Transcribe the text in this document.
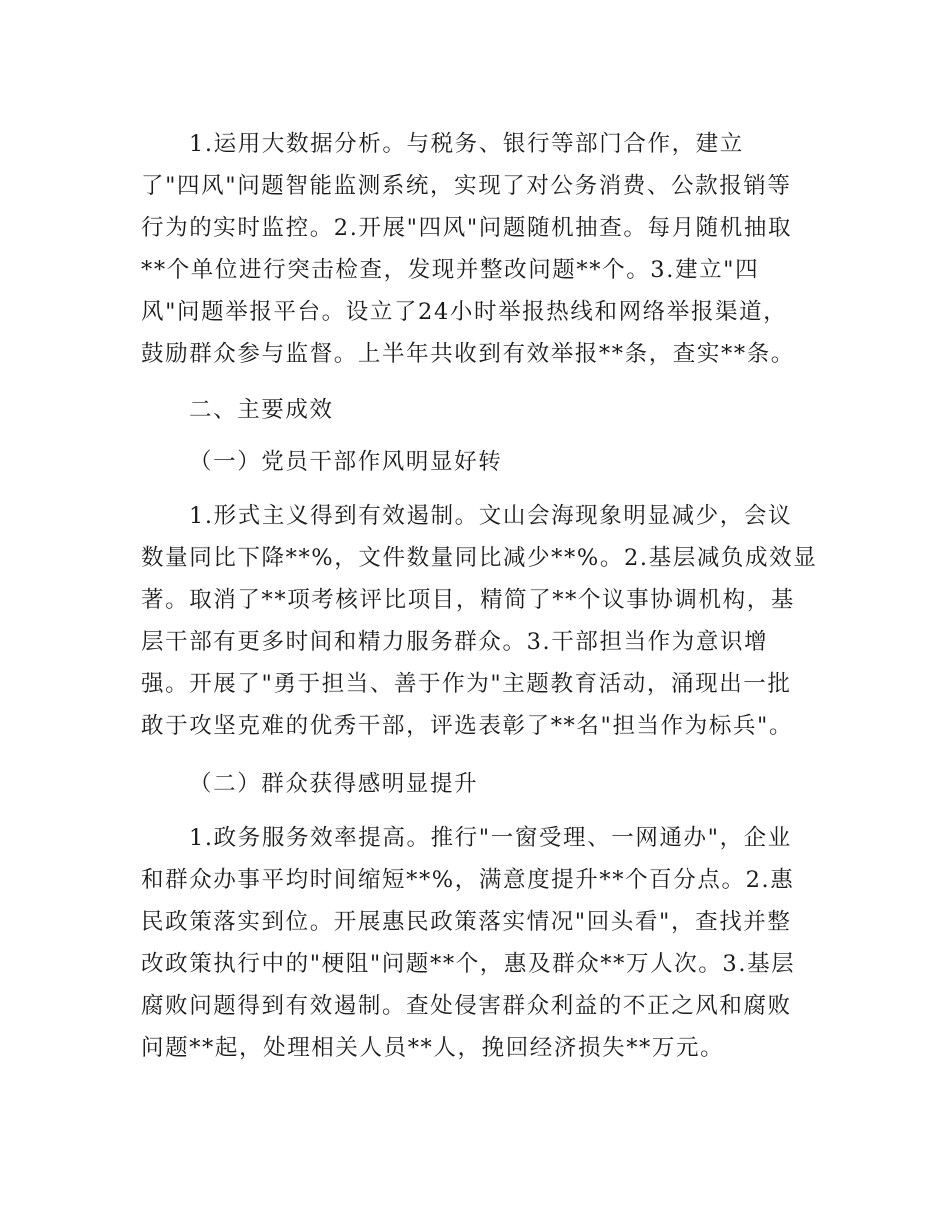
1.运用大数据分析。与税务、银行等部门合作，建立
了"四风"问题智能监测系统，实现了对公务消费、公款报销等
行为的实时监控。2.开展"四风"问题随机抽查。每月随机抽取
**个单位进行突击检查，发现并整改问题**个。3.建立"四
风"问题举报平台。设立了24小时举报热线和网络举报渠道，
鼓励群众参与监督。上半年共收到有效举报**条，查实**条。
二、主要成效
（一）党员干部作风明显好转
1.形式主义得到有效遏制。文山会海现象明显减少，会议
数量同比下降**%，文件数量同比减少**%。2.基层减负成效显
著。取消了**项考核评比项目，精简了**个议事协调机构，基
层干部有更多时间和精力服务群众。3.干部担当作为意识增
强。开展了"勇于担当、善于作为"主题教育活动，涌现出一批
敢于攻坚克难的优秀干部，评选表彰了**名"担当作为标兵"。
（二）群众获得感明显提升
1.政务服务效率提高。推行"一窗受理、一网通办"，企业
和群众办事平均时间缩短**%，满意度提升**个百分点。2.惠
民政策落实到位。开展惠民政策落实情况"回头看"，查找并整
改政策执行中的"梗阻"问题**个，惠及群众**万人次。3.基层
腐败问题得到有效遏制。查处侵害群众利益的不正之风和腐败
问题**起，处理相关人员**人，挽回经济损失**万元。
